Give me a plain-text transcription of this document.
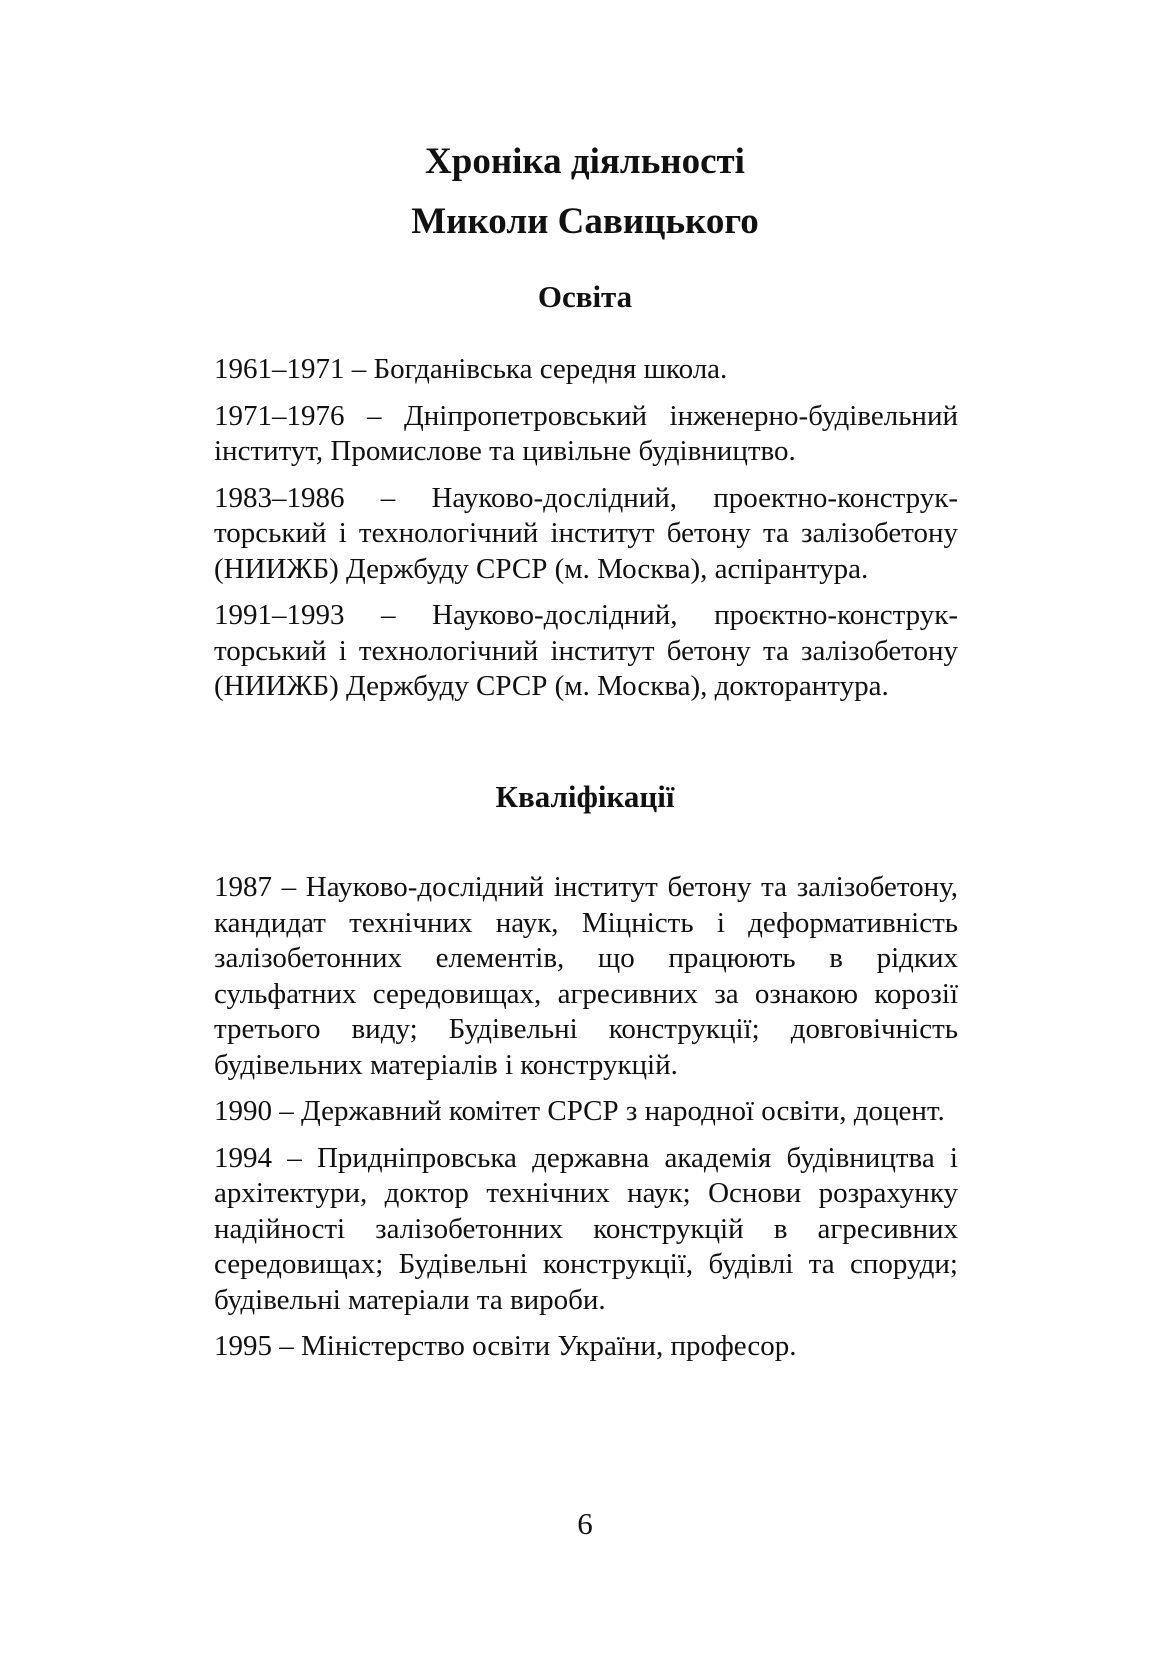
Хроніка діяльності
Миколи Савицького
Освіта

1961–1971 – Богданівська середня школа.

1971–1976 – Дніпропетровський інженерно-будівельний інститут, Промислове та цивільне будівництво.

1983–1986 – Науково-дослідний, проектно-конструк-торський і технологічний інститут бетону та залізобетону (НИИЖБ) Держбуду СРСР (м. Москва), аспірантура.

1991–1993 – Науково-дослідний, проєктно-конструк-торський і технологічний інститут бетону та залізобетону (НИИЖБ) Держбуду СРСР (м. Москва), докторантура.

Кваліфікації

1987 – Науково-дослідний інститут бетону та залізобетону, кандидат технічних наук, Міцність і деформативність залізобетонних елементів, що працюють в рідких сульфатних середовищах, агресивних за ознакою корозії третього виду; Будівельні конструкції; довговічність будівельних матеріалів і конструкцій.

1990 – Державний комітет СРСР з народної освіти, доцент.

1994 – Придніпровська державна академія будівництва і архітектури, доктор технічних наук; Основи розрахунку надійності залізобетонних конструкцій в агресивних середовищах; Будівельні конструкції, будівлі та споруди; будівельні матеріали та вироби.

1995 – Міністерство освіти України, професор.

6
